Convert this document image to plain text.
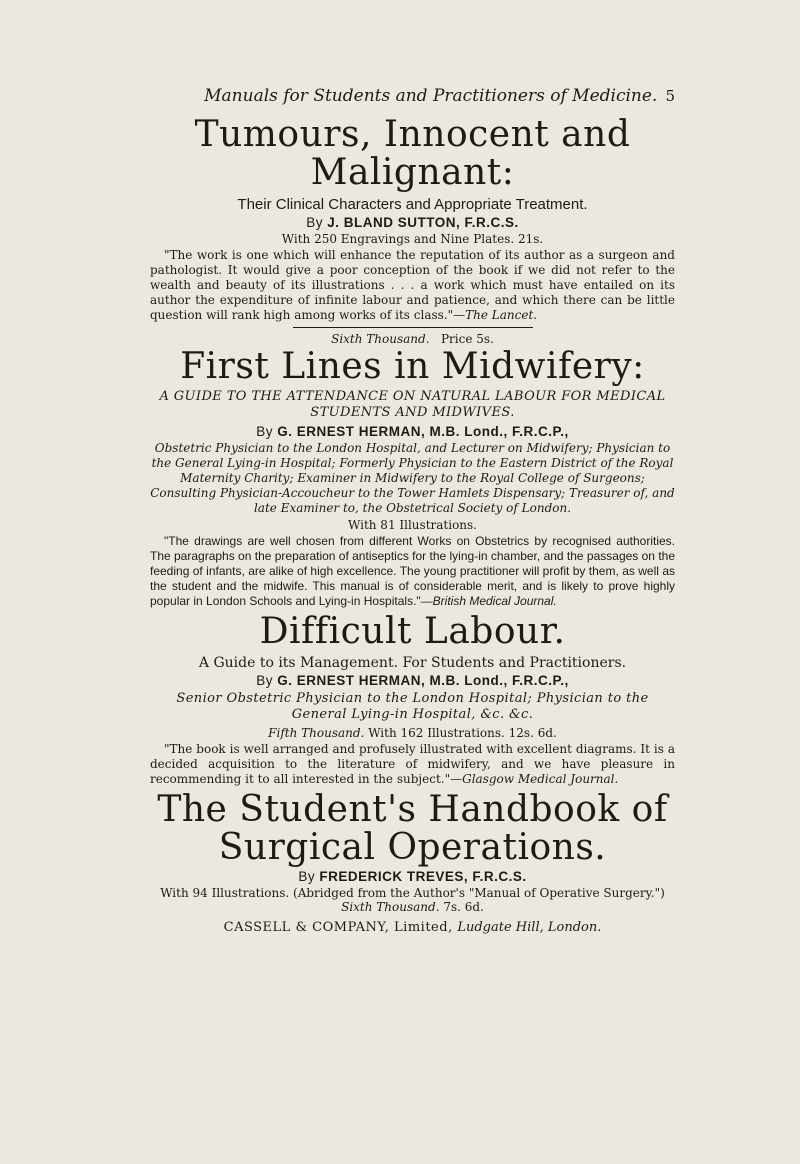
Manuals for Students and Practitioners of Medicine. 5

Tumours, Innocent and

Malignant:

Their Clinical Characters and Appropriate Treatment.

By J. BLAND SUTTON, F.R.C.S.

With 250 Engravings and Nine Plates. 21s.

"The work is one which will enhance the reputation of its author as a surgeon and pathologist. It would give a poor conception of the book if we did not refer to the wealth and beauty of its illustrations . . . a work which must have entailed on its author the expenditure of infinite labour and patience, and which there can be little question will rank high among works of its class."—The Lancet.

Sixth Thousand. Price 5s.

First Lines in Midwifery:

A GUIDE TO THE ATTENDANCE ON NATURAL LABOUR FOR MEDICAL STUDENTS AND MIDWIVES.

By G. ERNEST HERMAN, M.B. Lond., F.R.C.P.,

Obstetric Physician to the London Hospital, and Lecturer on Midwifery; Physician to the General Lying-in Hospital; Formerly Physician to the Eastern District of the Royal Maternity Charity; Examiner in Midwifery to the Royal College of Surgeons; Consulting Physician-Accoucheur to the Tower Hamlets Dispensary; Treasurer of, and late Examiner to, the Obstetrical Society of London.

With 81 Illustrations.

"The drawings are well chosen from different Works on Obstetrics by recognised authorities. The paragraphs on the preparation of antiseptics for the lying-in chamber, and the passages on the feeding of infants, are alike of high excellence. The young practitioner will profit by them, as well as the student and the midwife. This manual is of considerable merit, and is likely to prove highly popular in London Schools and Lying-in Hospitals."—British Medical Journal.

Difficult Labour.

A Guide to its Management. For Students and Practitioners.

By G. ERNEST HERMAN, M.B. Lond., F.R.C.P.,

Senior Obstetric Physician to the London Hospital; Physician to the General Lying-in Hospital, &c. &c.

Fifth Thousand. With 162 Illustrations. 12s. 6d.

"The book is well arranged and profusely illustrated with excellent diagrams. It is a decided acquisition to the literature of midwifery, and we have pleasure in recommending it to all interested in the subject."—Glasgow Medical Journal.

The Student's Handbook of

Surgical Operations.

By FREDERICK TREVES, F.R.C.S.

With 94 Illustrations. (Abridged from the Author's "Manual of Operative Surgery.") Sixth Thousand. 7s. 6d.

CASSELL & COMPANY, Limited, Ludgate Hill, London.
